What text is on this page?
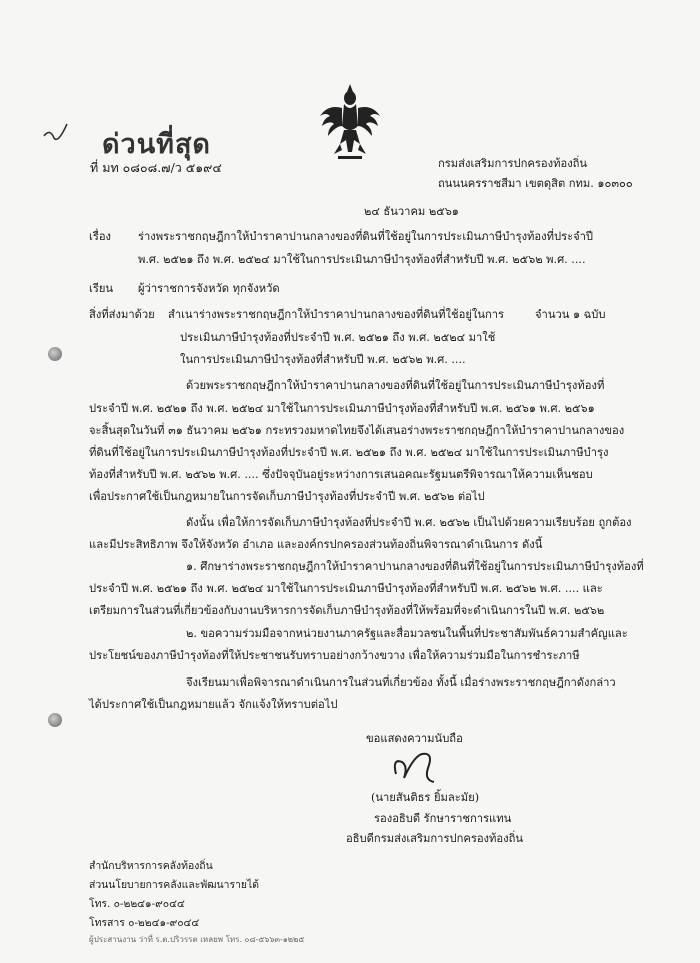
ด่วนที่สุด
ที่ มท ๐๘๐๘.๗/ว ๕๑๙๔	กรมส่งเสริมการปกครองท้องถิ่น
ถนนนครราชสีมา เขตดุสิต กทม. ๑๐๓๐๐
๒๔ ธันวาคม ๒๕๖๑
เรื่อง ร่างพระราชกฤษฎีกาให้บำราคาปานกลางของที่ดินที่ใช้อยู่ในการประเมินภาษีบำรุงท้องที่ประจำปี
พ.ศ. ๒๕๒๑ ถึง พ.ศ. ๒๕๒๔ มาใช้ในการประเมินภาษีบำรุงท้องที่สำหรับปี พ.ศ. ๒๕๖๒ พ.ศ. ....
เรียน ผู้ว่าราชการจังหวัด ทุกจังหวัด
สิ่งที่ส่งมาด้วย สำเนาร่างพระราชกฤษฎีกาให้บำราคาปานกลางของที่ดินที่ใช้อยู่ในการ	จำนวน ๑ ฉบับ
ประเมินภาษีบำรุงท้องที่ประจำปี พ.ศ. ๒๕๒๑ ถึง พ.ศ. ๒๕๒๔ มาใช้
ในการประเมินภาษีบำรุงท้องที่สำหรับปี พ.ศ. ๒๕๖๒ พ.ศ. ....
ด้วยพระราชกฤษฎีกาให้บำราคาปานกลางของที่ดินที่ใช้อยู่ในการประเมินภาษีบำรุงท้องที่
ประจำปี พ.ศ. ๒๕๒๑ ถึง พ.ศ. ๒๕๒๔ มาใช้ในการประเมินภาษีบำรุงท้องที่สำหรับปี พ.ศ. ๒๕๖๑ พ.ศ. ๒๕๖๑
จะสิ้นสุดในวันที่ ๓๑ ธันวาคม ๒๕๖๑ กระทรวงมหาดไทยจึงได้เสนอร่างพระราชกฤษฎีกาให้บำราคาปานกลางของ
ที่ดินที่ใช้อยู่ในการประเมินภาษีบำรุงท้องที่ประจำปี พ.ศ. ๒๕๒๑ ถึง พ.ศ. ๒๕๒๔ มาใช้ในการประเมินภาษีบำรุง
ท้องที่สำหรับปี พ.ศ. ๒๕๖๒ พ.ศ. .... ซึ่งปัจจุบันอยู่ระหว่างการเสนอคณะรัฐมนตรีพิจารณาให้ความเห็นชอบ
เพื่อประกาศใช้เป็นกฎหมายในการจัดเก็บภาษีบำรุงท้องที่ประจำปี พ.ศ. ๒๕๖๒ ต่อไป
ดังนั้น เพื่อให้การจัดเก็บภาษีบำรุงท้องที่ประจำปี พ.ศ. ๒๕๖๒ เป็นไปด้วยความเรียบร้อย ถูกต้อง
และมีประสิทธิภาพ จึงให้จังหวัด อำเภอ และองค์กรปกครองส่วนท้องถิ่นพิจารณาดำเนินการ ดังนี้
๑. ศึกษาร่างพระราชกฤษฎีกาให้บำราคาปานกลางของที่ดินที่ใช้อยู่ในการประเมินภาษีบำรุงท้องที่
ประจำปี พ.ศ. ๒๕๒๑ ถึง พ.ศ. ๒๕๒๔ มาใช้ในการประเมินภาษีบำรุงท้องที่สำหรับปี พ.ศ. ๒๕๖๒ พ.ศ. .... และ
เตรียมการในส่วนที่เกี่ยวข้องกับงานบริหารการจัดเก็บภาษีบำรุงท้องที่ให้พร้อมที่จะดำเนินการในปี พ.ศ. ๒๕๖๒
๒. ขอความร่วมมือจากหน่วยงานภาครัฐและสื่อมวลชนในพื้นที่ประชาสัมพันธ์ความสำคัญและ
ประโยชน์ของภาษีบำรุงท้องที่ให้ประชาชนรับทราบอย่างกว้างขวาง เพื่อให้ความร่วมมือในการชำระภาษี
จึงเรียนมาเพื่อพิจารณาดำเนินการในส่วนที่เกี่ยวข้อง ทั้งนี้ เมื่อร่างพระราชกฤษฎีกาดังกล่าว
ได้ประกาศใช้เป็นกฎหมายแล้ว จักแจ้งให้ทราบต่อไป
ขอแสดงความนับถือ
(นายสันติธร ยิ้มละมัย)
รองอธิบดี รักษาราชการแทน
อธิบดีกรมส่งเสริมการปกครองท้องถิ่น
สำนักบริหารการคลังท้องถิ่น
ส่วนนโยบายการคลังและพัฒนารายได้
โทร. ๐-๒๒๔๑-๙๐๔๔
โทรสาร ๐-๒๒๔๑-๙๐๔๔
ผู้ประสานงาน ว่าที่ ร.ต.ปริวรรต เหลยพ โทร. ๐๘-๕๖๖๓-๑๒๒๕
